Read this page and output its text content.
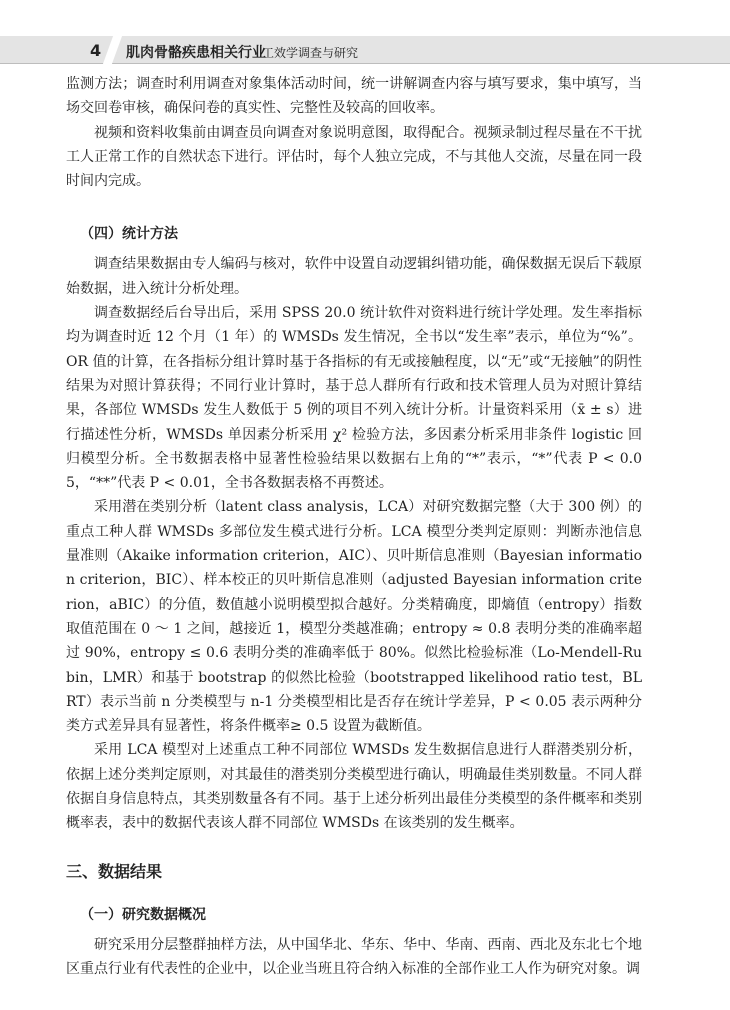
4 肌肉骨骼疾患相关行业
工效学调查与研究

监测方法；调查时利用调查对象集体活动时间，统一讲解调查内容与填写要求，集中填写，当场交回卷审核，确保问卷的真实性、完整性及较高的回收率。

视频和资料收集前由调查员向调查对象说明意图，取得配合。视频录制过程尽量在不干扰工人正常工作的自然状态下进行。评估时，每个人独立完成，不与其他人交流，尽量在同一段时间内完成。

（四）统计方法

调查结果数据由专人编码与核对，软件中设置自动逻辑纠错功能，确保数据无误后下载原始数据，进入统计分析处理。

调查数据经后台导出后，采用 SPSS 20.0 统计软件对资料进行统计学处理。发生率指标均为调查时近 12 个月（1 年）的 WMSDs 发生情况，全书以“发生率”表示，单位为“%”。OR 值的计算，在各指标分组计算时基于各指标的有无或接触程度，以“无”或“无接触”的阴性结果为对照计算获得；不同行业计算时，基于总人群所有行政和技术管理人员为对照计算结果，各部位 WMSDs 发生人数低于 5 例的项目不列入统计分析。计量资料采用（x̄ ± s）进行描述性分析，WMSDs 单因素分析采用 χ² 检验方法，多因素分析采用非条件 logistic 回归模型分析。全书数据表格中显著性检验结果以数据右上角的“*”表示，“*”代表 P < 0.05，“**”代表 P < 0.01，全书各数据表格不再赘述。

采用潜在类别分析（latent class analysis，LCA）对研究数据完整（大于 300 例）的重点工种人群 WMSDs 多部位发生模式进行分析。LCA 模型分类判定原则：判断赤池信息量准则（Akaike information criterion，AIC）、贝叶斯信息准则（Bayesian information criterion，BIC）、样本校正的贝叶斯信息准则（adjusted Bayesian information criterion，aBIC）的分值，数值越小说明模型拟合越好。分类精确度，即熵值（entropy）指数取值范围在 0 ～ 1 之间，越接近 1，模型分类越准确；entropy ≈ 0.8 表明分类的准确率超过 90%，entropy ≤ 0.6 表明分类的准确率低于 80%。似然比检验标准（Lo-Mendell-Rubin，LMR）和基于 bootstrap 的似然比检验（bootstrapped likelihood ratio test，BLRT）表示当前 n 分类模型与 n-1 分类模型相比是否存在统计学差异，P < 0.05 表示两种分类方式差异具有显著性，将条件概率≥ 0.5 设置为截断值。

采用 LCA 模型对上述重点工种不同部位 WMSDs 发生数据信息进行人群潜类别分析，依据上述分类判定原则，对其最佳的潜类别分类模型进行确认，明确最佳类别数量。不同人群依据自身信息特点，其类别数量各有不同。基于上述分析列出最佳分类模型的条件概率和类别概率表，表中的数据代表该人群不同部位 WMSDs 在该类别的发生概率。

三、数据结果
（一）研究数据概况

研究采用分层整群抽样方法，从中国华北、华东、华中、华南、西南、西北及东北七个地区重点行业有代表性的企业中，以企业当班且符合纳入标准的全部作业工人作为研究对象。调
